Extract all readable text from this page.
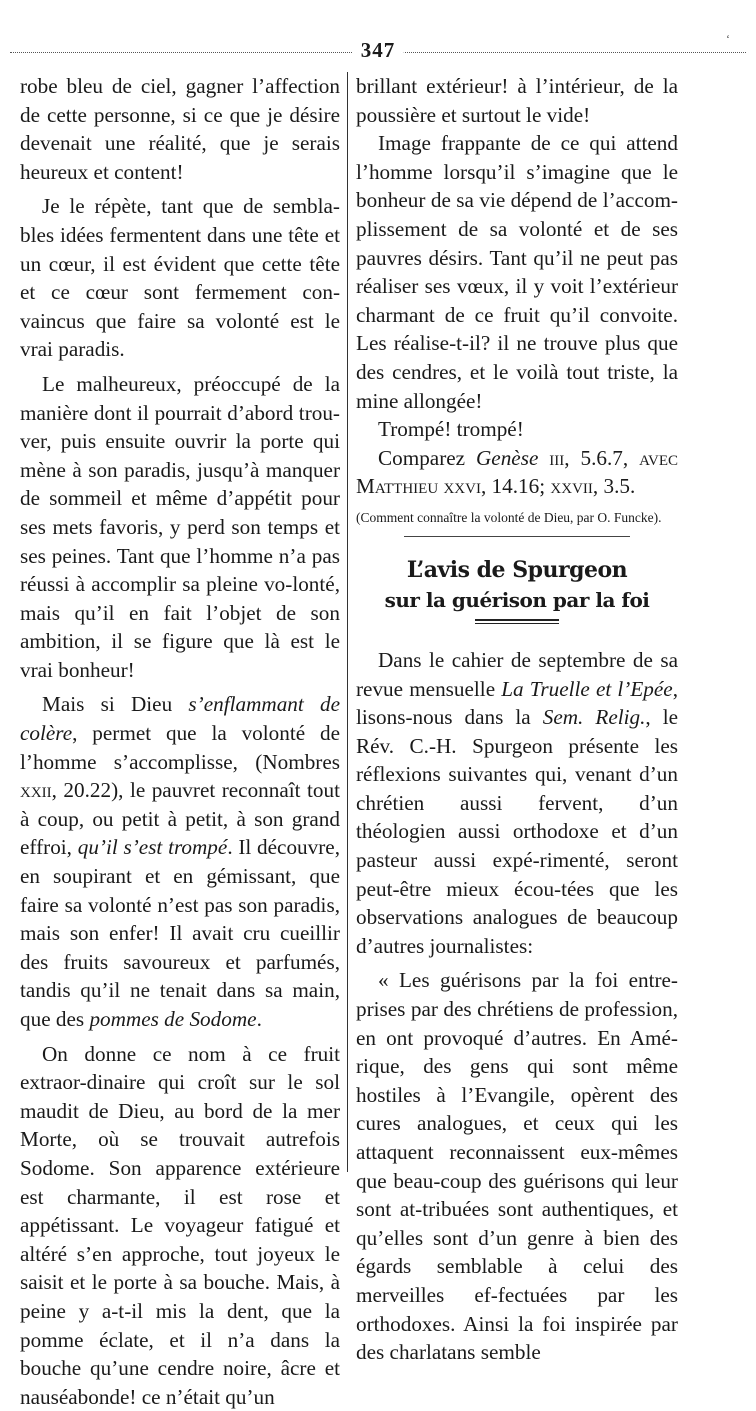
347	‘

robe bleu de ciel, gagner l’affection de cette personne, si ce que je désire devenait une réalité, que je serais heureux et content!

Je le répète, tant que de sembla-bles idées fermentent dans une tête et un cœur, il est évident que cette tête et ce cœur sont fermement con-vaincus que faire sa volonté est le vrai paradis.

Le malheureux, préoccupé de la manière dont il pourrait d’abord trou-ver, puis ensuite ouvrir la porte qui mène à son paradis, jusqu’à manquer de sommeil et même d’appétit pour ses mets favoris, y perd son temps et ses peines. Tant que l’homme n’a pas réussi à accomplir sa pleine vo-lonté, mais qu’il en fait l’objet de son ambition, il se figure que là est le vrai bonheur!

Mais si Dieu s’enflammant de colère, permet que la volonté de l’homme s’accomplisse, (Nombres xxii, 20.22), le pauvret reconnaît tout à coup, ou petit à petit, à son grand effroi, qu’il s’est trompé. Il découvre, en soupirant et en gémissant, que faire sa volonté n’est pas son paradis, mais son enfer! Il avait cru cueillir des fruits savoureux et parfumés, tandis qu’il ne tenait dans sa main, que des pommes de Sodome.

On donne ce nom à ce fruit extraor-dinaire qui croît sur le sol maudit de Dieu, au bord de la mer Morte, où se trouvait autrefois Sodome. Son apparence extérieure est charmante, il est rose et appétissant. Le voyageur fatigué et altéré s’en approche, tout joyeux le saisit et le porte à sa bouche. Mais, à peine y a-t-il mis la dent, que la pomme éclate, et il n’a dans la bouche qu’une cendre noire, âcre et nauséabonde! ce n’était qu’un

brillant extérieur! à l’intérieur, de la poussière et surtout le vide!

Image frappante de ce qui attend l’homme lorsqu’il s’imagine que le bonheur de sa vie dépend de l’accom-plissement de sa volonté et de ses pauvres désirs. Tant qu’il ne peut pas réaliser ses vœux, il y voit l’extérieur charmant de ce fruit qu’il convoite. Les réalise-t-il? il ne trouve plus que des cendres, et le voilà tout triste, la mine allongée!

Trompé! trompé!

Comparez Genèse iii, 5.6.7, avec Matthieu xxvi, 14.16; xxvii, 3.5.

(Comment connaître la volonté de Dieu, par O. Funcke).

L’avis de Spurgeon
sur la guérison par la foi

Dans le cahier de septembre de sa revue mensuelle La Truelle et l’Epée, lisons-nous dans la Sem. Relig., le Rév. C.-H. Spurgeon présente les réflexions suivantes qui, venant d’un chrétien aussi fervent, d’un théologien aussi orthodoxe et d’un pasteur aussi expé-rimenté, seront peut-être mieux écou-tées que les observations analogues de beaucoup d’autres journalistes:

« Les guérisons par la foi entre-prises par des chrétiens de profession, en ont provoqué d’autres. En Amé-rique, des gens qui sont même hostiles à l’Evangile, opèrent des cures analogues, et ceux qui les attaquent reconnaissent eux-mêmes que beau-coup des guérisons qui leur sont at-tribuées sont authentiques, et qu’elles sont d’un genre à bien des égards semblable à celui des merveilles ef-fectuées par les orthodoxes. Ainsi la foi inspirée par des charlatans semble
